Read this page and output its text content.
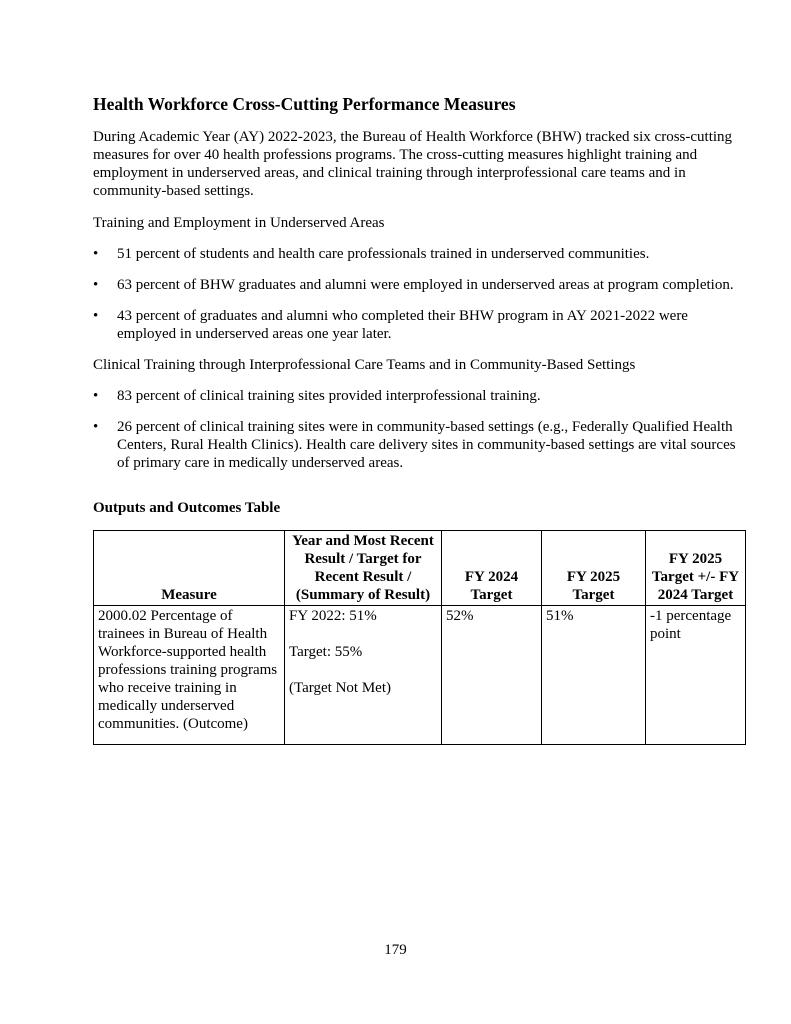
Health Workforce Cross-Cutting Performance Measures

During Academic Year (AY) 2022-2023, the Bureau of Health Workforce (BHW) tracked six cross-cutting measures for over 40 health professions programs. The cross-cutting measures highlight training and employment in underserved areas, and clinical training through interprofessional care teams and in community-based settings.

Training and Employment in Underserved Areas

• 51 percent of students and health care professionals trained in underserved communities.
• 63 percent of BHW graduates and alumni were employed in underserved areas at program completion.
• 43 percent of graduates and alumni who completed their BHW program in AY 2021-2022 were employed in underserved areas one year later.

Clinical Training through Interprofessional Care Teams and in Community-Based Settings

• 83 percent of clinical training sites provided interprofessional training.
• 26 percent of clinical training sites were in community-based settings (e.g., Federally Qualified Health Centers, Rural Health Clinics). Health care delivery sites in community-based settings are vital sources of primary care in medically underserved areas.
Outputs and Outcomes Table
Measure	Year and Most Recent Result / Target for Recent Result / (Summary of Result)	FY 2024 Target	FY 2025 Target	FY 2025 Target +/- FY 2024 Target
2000.02 Percentage of trainees in Bureau of Health Workforce-supported health professions training programs who receive training in medically underserved communities. (Outcome)	FY 2022: 51%
Target: 55%
(Target Not Met)	52%	51%	-1 percentage point
179
